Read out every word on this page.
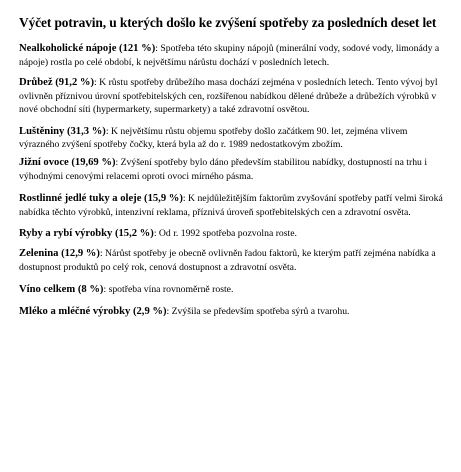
Výčet potravin, u kterých došlo ke zvýšení spotřeby za posledních deset let

Nealkoholické nápoje (121 %): Spotřeba této skupiny nápojů (minerální vody, sodové vody, limonády a nápoje) rostla po celé období, k největšímu nárůstu dochází v posledních letech.

Drůbež (91,2 %): K růstu spotřeby drůbežího masa dochází zejména v posledních letech. Tento vývoj byl ovlivněn příznivou úrovní spotřebitelských cen, rozšířenou nabídkou dělené drůbeže a drůbežích výrobků v nové obchodní síti (hypermarkety, supermarkety) a také zdravotní osvětou.

Luštěniny (31,3 %): K největšímu růstu objemu spotřeby došlo začátkem 90. let, zejména vlivem výrazného zvýšení spotřeby čočky, která byla až do r. 1989 nedostatkovým zbožím.

Jižní ovoce (19,69 %): Zvýšení spotřeby bylo dáno především stabilitou nabídky, dostupností na trhu i výhodnými cenovými relacemi oproti ovoci mírného pásma.

Rostlinné jedlé tuky a oleje (15,9 %): K nejdůležitějším faktorům zvyšování spotřeby patří velmi široká nabídka těchto výrobků, intenzivní reklama, příznivá úroveň spotřebitelských cen a zdravotní osvěta.

Ryby a rybí výrobky (15,2 %): Od r. 1992 spotřeba pozvolna roste.

Zelenina (12,9 %): Nárůst spotřeby je obecně ovlivněn řadou faktorů, ke kterým patří zejména nabídka a dostupnost produktů po celý rok, cenová dostupnost a zdravotní osvěta.

Víno celkem (8 %): spotřeba vína rovnoměrně roste.

Mléko a mléčné výrobky (2,9 %): Zvýšila se především spotřeba sýrů a tvarohu.
